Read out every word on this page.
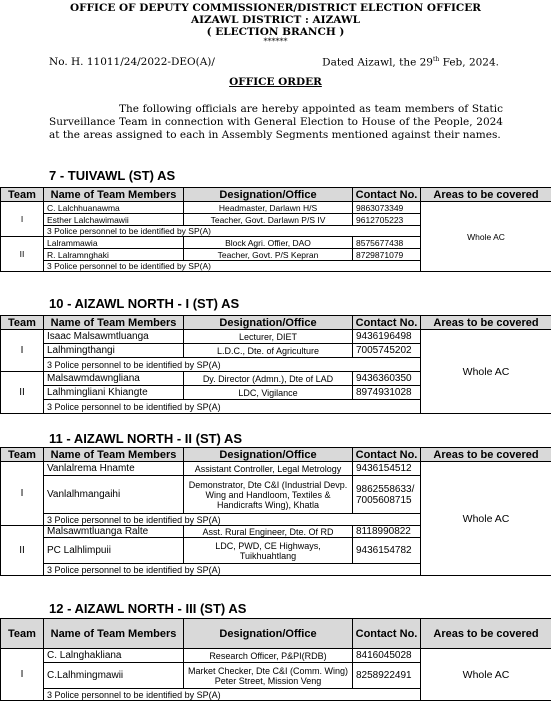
OFFICE OF DEPUTY COMMISSIONER/DISTRICT ELECTION OFFICER
AIZAWL DISTRICT : AIZAWL
( ELECTION BRANCH )
******
No. H. 11011/24/2022-DEO(A)/	Dated Aizawl, the 29th Feb, 2024.
OFFICE ORDER
The following officials are hereby appointed as team members of Static Surveillance Team in connection with General Election to House of the People, 2024 at the areas assigned to each in Assembly Segments mentioned against their names.
7 - TUIVAWL (ST) AS
Team	Name of Team Members	Designation/Office	Contact No.	Areas to be covered
I	C. Lalchhuanawma	Headmaster, Darlawn H/S	9863073349	Whole AC
	Esther Lalchawimawii	Teacher, Govt. Darlawn P/S IV	9612705223	
	3 Police personnel to be identified by SP(A)			
II	Lalrammawia	Block Agri. Offier, DAO	8575677438	
	R. Lalramnghaki	Teacher, Govt. P/S Kepran	8729871079	
	3 Police personnel to be identified by SP(A)			
10 - AIZAWL NORTH - I (ST) AS
Team	Name of Team Members	Designation/Office	Contact No.	Areas to be covered
I	Isaac Malsawmtluanga	Lecturer, DIET	9436196498	Whole AC
	Lalhmingthangi	L.D.C., Dte. of Agriculture	7005745202	
	3 Police personnel to be identified by SP(A)			
II	Malsawmdawngliana	Dy. Director (Admn.), Dte of LAD	9436360350	
	Lalhmingliani Khiangte	LDC, Vigilance	8974931028	
	3 Police personnel to be identified by SP(A)			
11 - AIZAWL NORTH - II (ST) AS
Team	Name of Team Members	Designation/Office	Contact No.	Areas to be covered
I	Vanlalrema Hnamte	Assistant Controller, Legal Metrology	9436154512	Whole AC
	Vanlalhmangaihi	Demonstrator, Dte C&I (Industrial Devp. Wing and Handloom, Textiles & Handicrafts Wing), Khatla	9862558633/ 7005608715	
	3 Police personnel to be identified by SP(A)			
II	Malsawmtluanga Ralte	Asst. Rural Engineer, Dte. Of RD	8118990822	
	PC Lalhlimpuii	LDC, PWD, CE Highways, Tuikhuahtlang	9436154782	
	3 Police personnel to be identified by SP(A)			
12 - AIZAWL NORTH - III (ST) AS
Team	Name of Team Members	Designation/Office	Contact No.	Areas to be covered
I	C. Lalnghakliana	Research Officer, P&PI(RDB)	8416045028	Whole AC
	C.Lalhmingmawii	Market Checker, Dte C&I (Comm. Wing) Peter Street, Mission Veng	8258922491	
	3 Police personnel to be identified by SP(A)			
